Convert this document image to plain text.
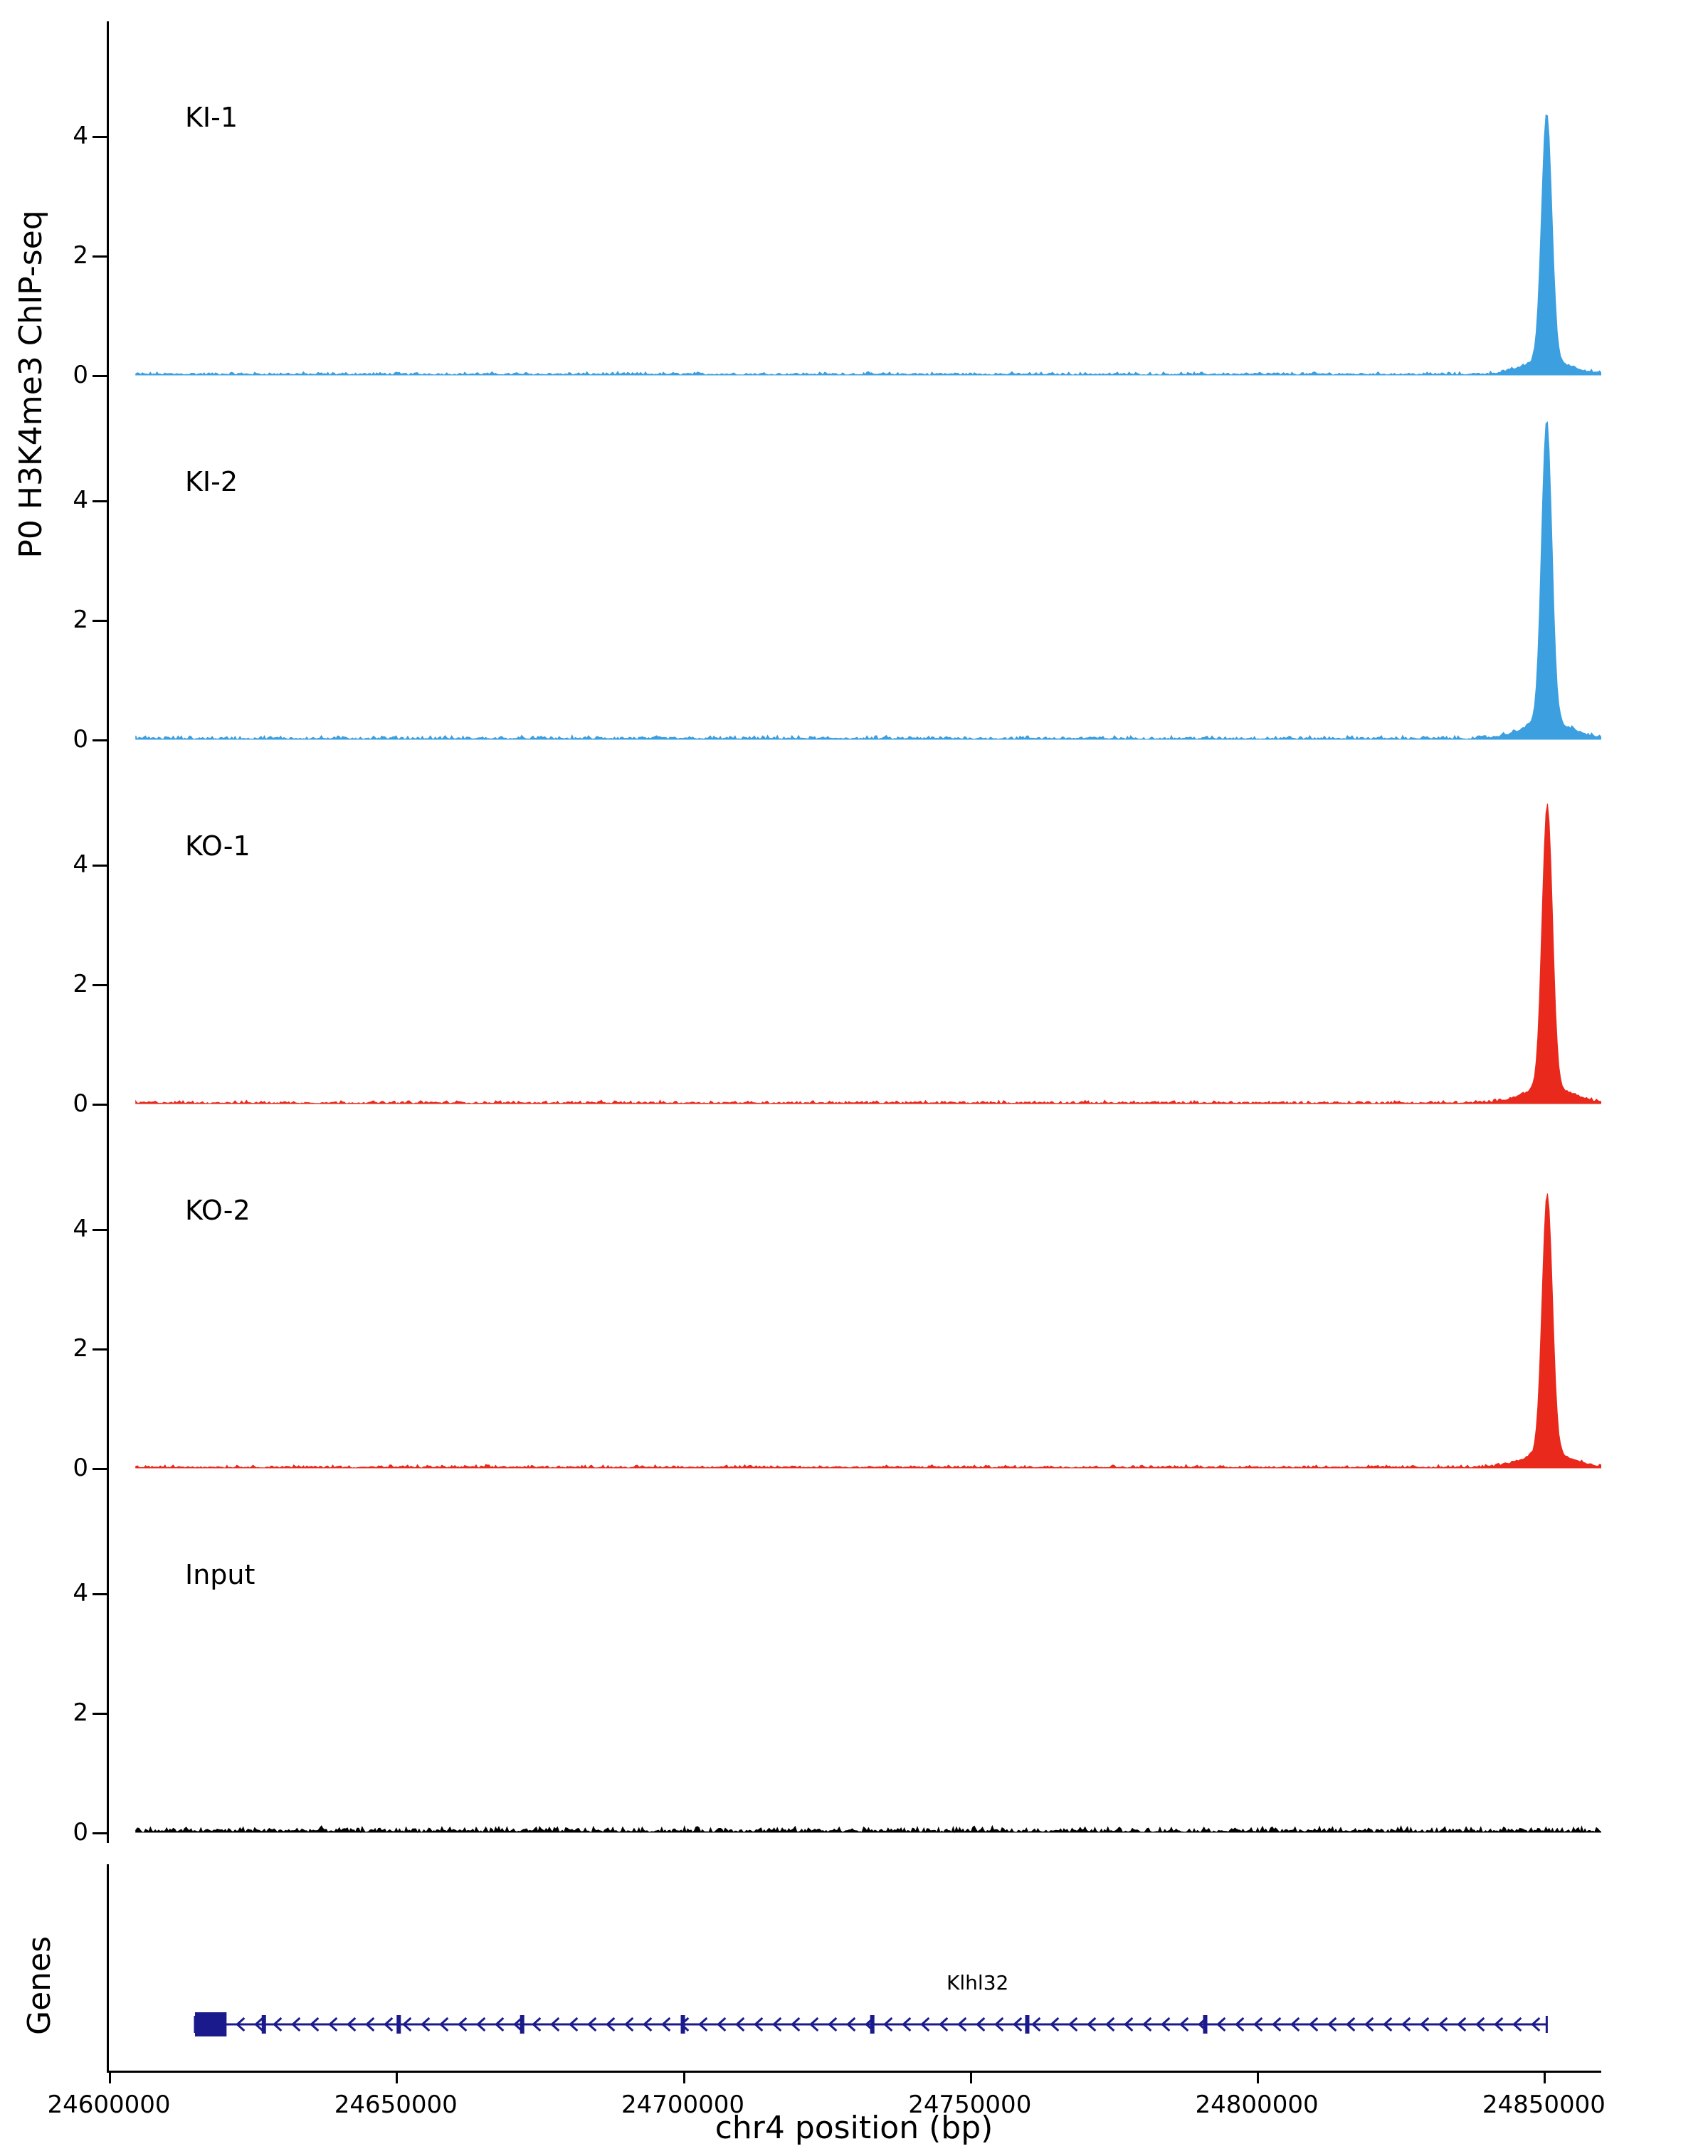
P0 H3K4me3 ChIP-seq
Genes
0
2
4
KI-1
0
2
4
KI-2
0
2
4
KO-1
0
2
4
KO-2
0
2
4
Input
Klhl32
24600000	24650000	24700000	24750000	24800000	24850000
chr4 position (bp)
